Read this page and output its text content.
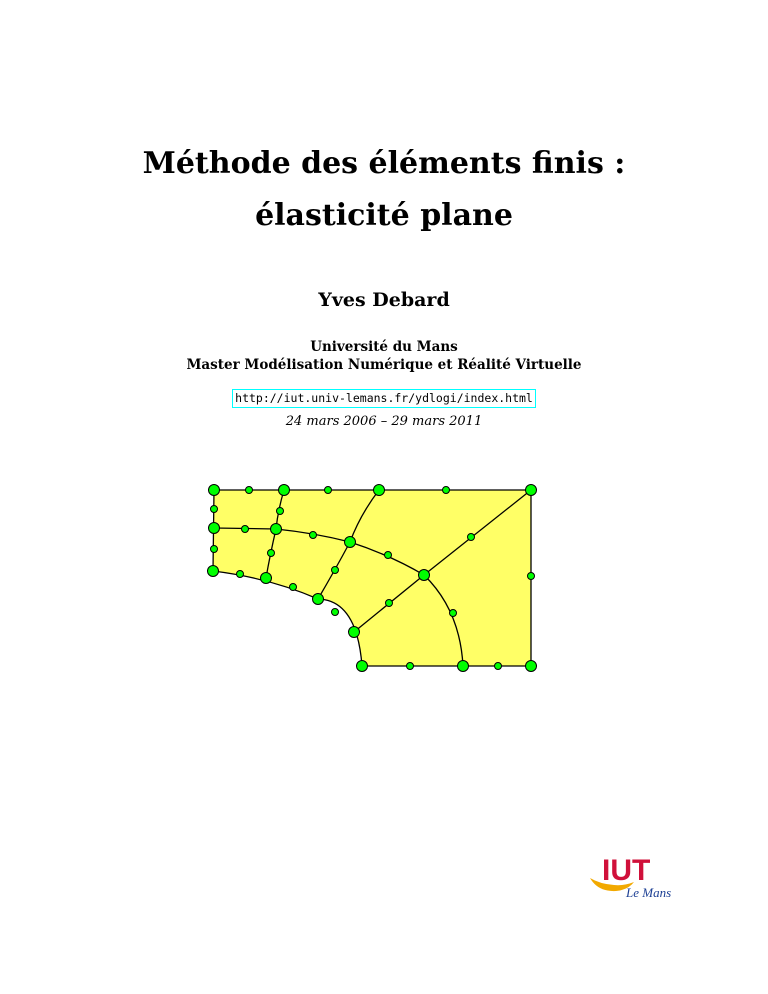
Méthode des éléments finis :
élasticité plane
Yves Debard
Université du Mans
Master Modélisation Numérique et Réalité Virtuelle
http://iut.univ-lemans.fr/ydlogi/index.html
24 mars 2006 – 29 mars 2011
IUT
Le Mans
